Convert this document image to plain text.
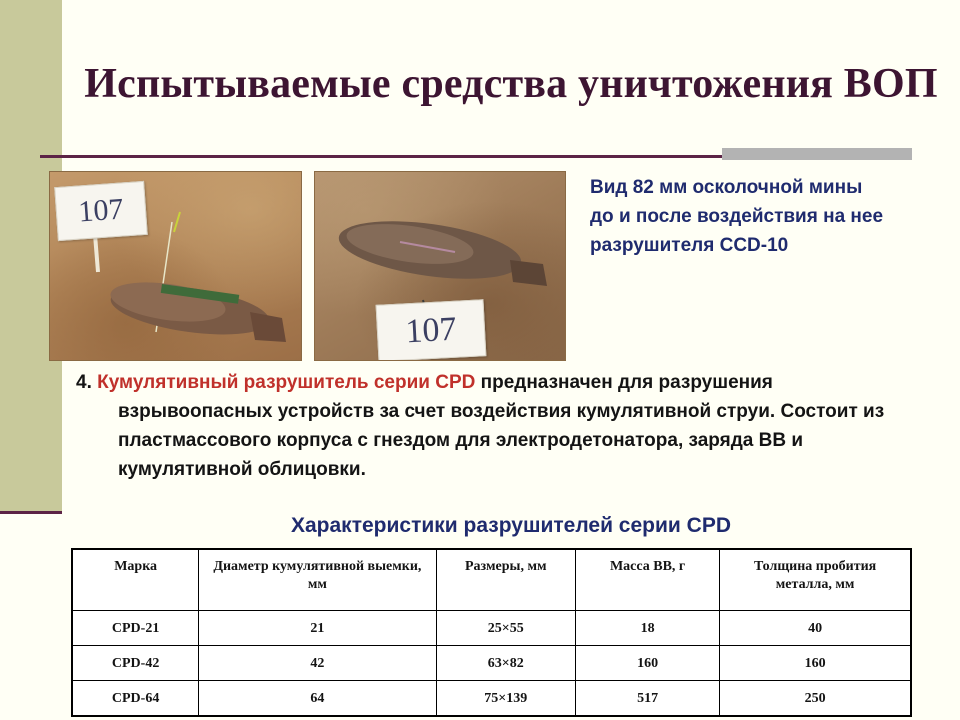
Испытываемые средства уничтожения ВОП
107
107

Вид 82 мм осколочной мины до и после воздействия на нее разрушителя CCD-10

4. Кумулятивный разрушитель серии CPD предназначен для разрушения взрывоопасных устройств за счет воздействия кумулятивной струи. Состоит из пластмассового корпуса с гнездом для электродетонатора, заряда ВВ и кумулятивной облицовки.

Характеристики разрушителей серии CPD
Марка	Диаметр кумулятивной выемки, мм	Размеры, мм	Масса ВВ, г	Толщина пробития металла, мм
CPD-21	21	25×55	18	40
CPD-42	42	63×82	160	160
CPD-64	64	75×139	517	250
